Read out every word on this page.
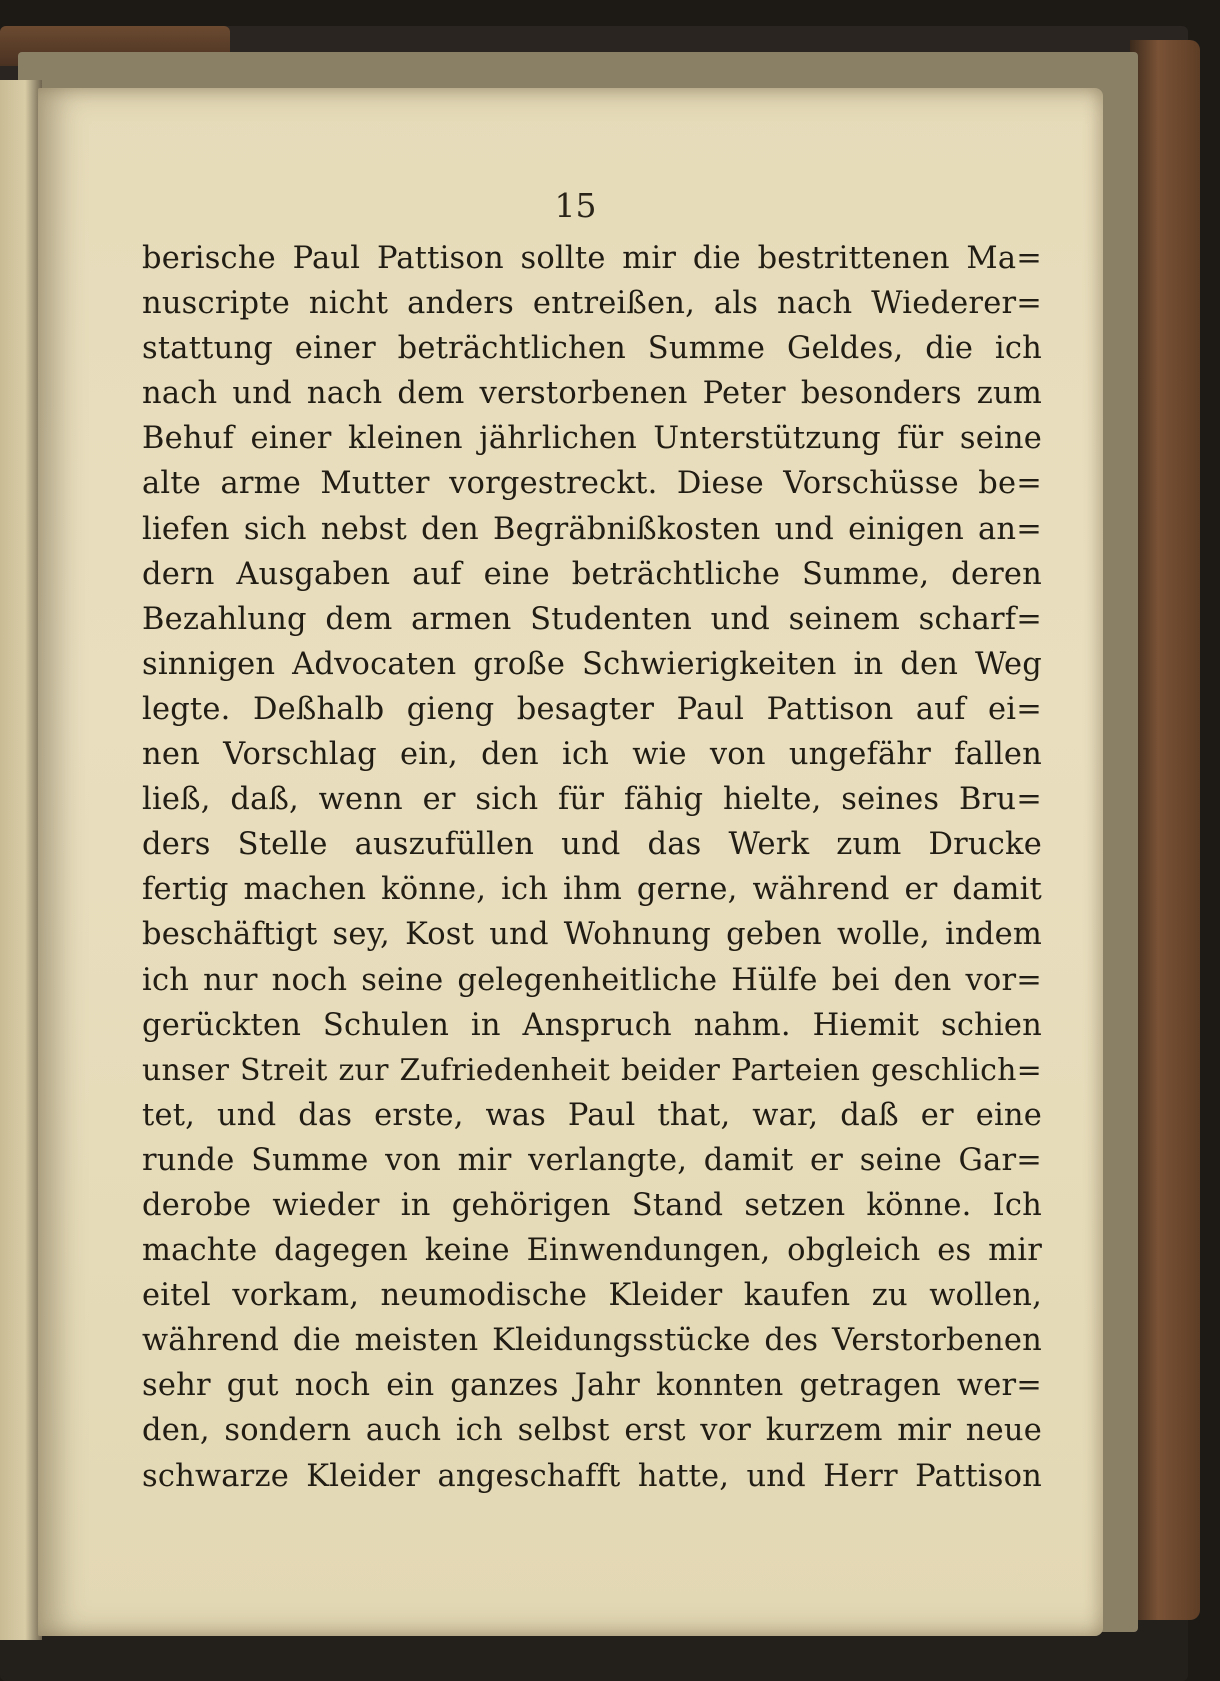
15
berische Paul Pattison sollte mir die bestrittenen Ma=
nuscripte nicht anders entreißen, als nach Wiederer=
stattung einer beträchtlichen Summe Geldes, die ich
nach und nach dem verstorbenen Peter besonders zum
Behuf einer kleinen jährlichen Unterstützung für seine
alte arme Mutter vorgestreckt. Diese Vorschüsse be=
liefen sich nebst den Begräbnißkosten und einigen an=
dern Ausgaben auf eine beträchtliche Summe, deren
Bezahlung dem armen Studenten und seinem scharf=
sinnigen Advocaten große Schwierigkeiten in den Weg
legte. Deßhalb gieng besagter Paul Pattison auf ei=
nen Vorschlag ein, den ich wie von ungefähr fallen
ließ, daß, wenn er sich für fähig hielte, seines Bru=
ders Stelle auszufüllen und das Werk zum Drucke
fertig machen könne, ich ihm gerne, während er damit
beschäftigt sey, Kost und Wohnung geben wolle, indem
ich nur noch seine gelegenheitliche Hülfe bei den vor=
gerückten Schulen in Anspruch nahm. Hiemit schien
unser Streit zur Zufriedenheit beider Parteien geschlich=
tet, und das erste, was Paul that, war, daß er eine
runde Summe von mir verlangte, damit er seine Gar=
derobe wieder in gehörigen Stand setzen könne. Ich
machte dagegen keine Einwendungen, obgleich es mir
eitel vorkam, neumodische Kleider kaufen zu wollen,
während die meisten Kleidungsstücke des Verstorbenen
sehr gut noch ein ganzes Jahr konnten getragen wer=
den, sondern auch ich selbst erst vor kurzem mir neue
schwarze Kleider angeschafft hatte, und Herr Pattison
